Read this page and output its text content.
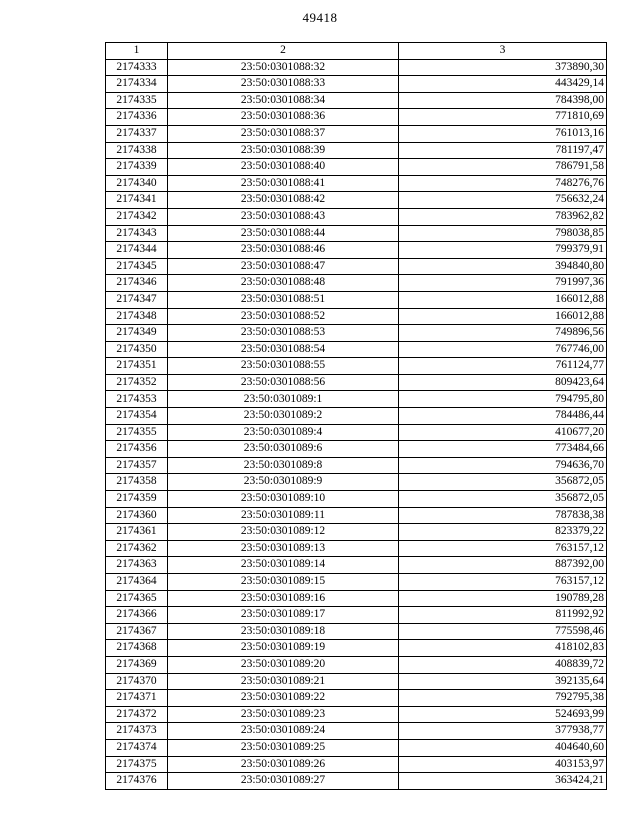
49418
1	2	3
2174333	23:50:0301088:32	373890,30
2174334	23:50:0301088:33	443429,14
2174335	23:50:0301088:34	784398,00
2174336	23:50:0301088:36	771810,69
2174337	23:50:0301088:37	761013,16
2174338	23:50:0301088:39	781197,47
2174339	23:50:0301088:40	786791,58
2174340	23:50:0301088:41	748276,76
2174341	23:50:0301088:42	756632,24
2174342	23:50:0301088:43	783962,82
2174343	23:50:0301088:44	798038,85
2174344	23:50:0301088:46	799379,91
2174345	23:50:0301088:47	394840,80
2174346	23:50:0301088:48	791997,36
2174347	23:50:0301088:51	166012,88
2174348	23:50:0301088:52	166012,88
2174349	23:50:0301088:53	749896,56
2174350	23:50:0301088:54	767746,00
2174351	23:50:0301088:55	761124,77
2174352	23:50:0301088:56	809423,64
2174353	23:50:0301089:1	794795,80
2174354	23:50:0301089:2	784486,44
2174355	23:50:0301089:4	410677,20
2174356	23:50:0301089:6	773484,66
2174357	23:50:0301089:8	794636,70
2174358	23:50:0301089:9	356872,05
2174359	23:50:0301089:10	356872,05
2174360	23:50:0301089:11	787838,38
2174361	23:50:0301089:12	823379,22
2174362	23:50:0301089:13	763157,12
2174363	23:50:0301089:14	887392,00
2174364	23:50:0301089:15	763157,12
2174365	23:50:0301089:16	190789,28
2174366	23:50:0301089:17	811992,92
2174367	23:50:0301089:18	775598,46
2174368	23:50:0301089:19	418102,83
2174369	23:50:0301089:20	408839,72
2174370	23:50:0301089:21	392135,64
2174371	23:50:0301089:22	792795,38
2174372	23:50:0301089:23	524693,99
2174373	23:50:0301089:24	377938,77
2174374	23:50:0301089:25	404640,60
2174375	23:50:0301089:26	403153,97
2174376	23:50:0301089:27	363424,21
